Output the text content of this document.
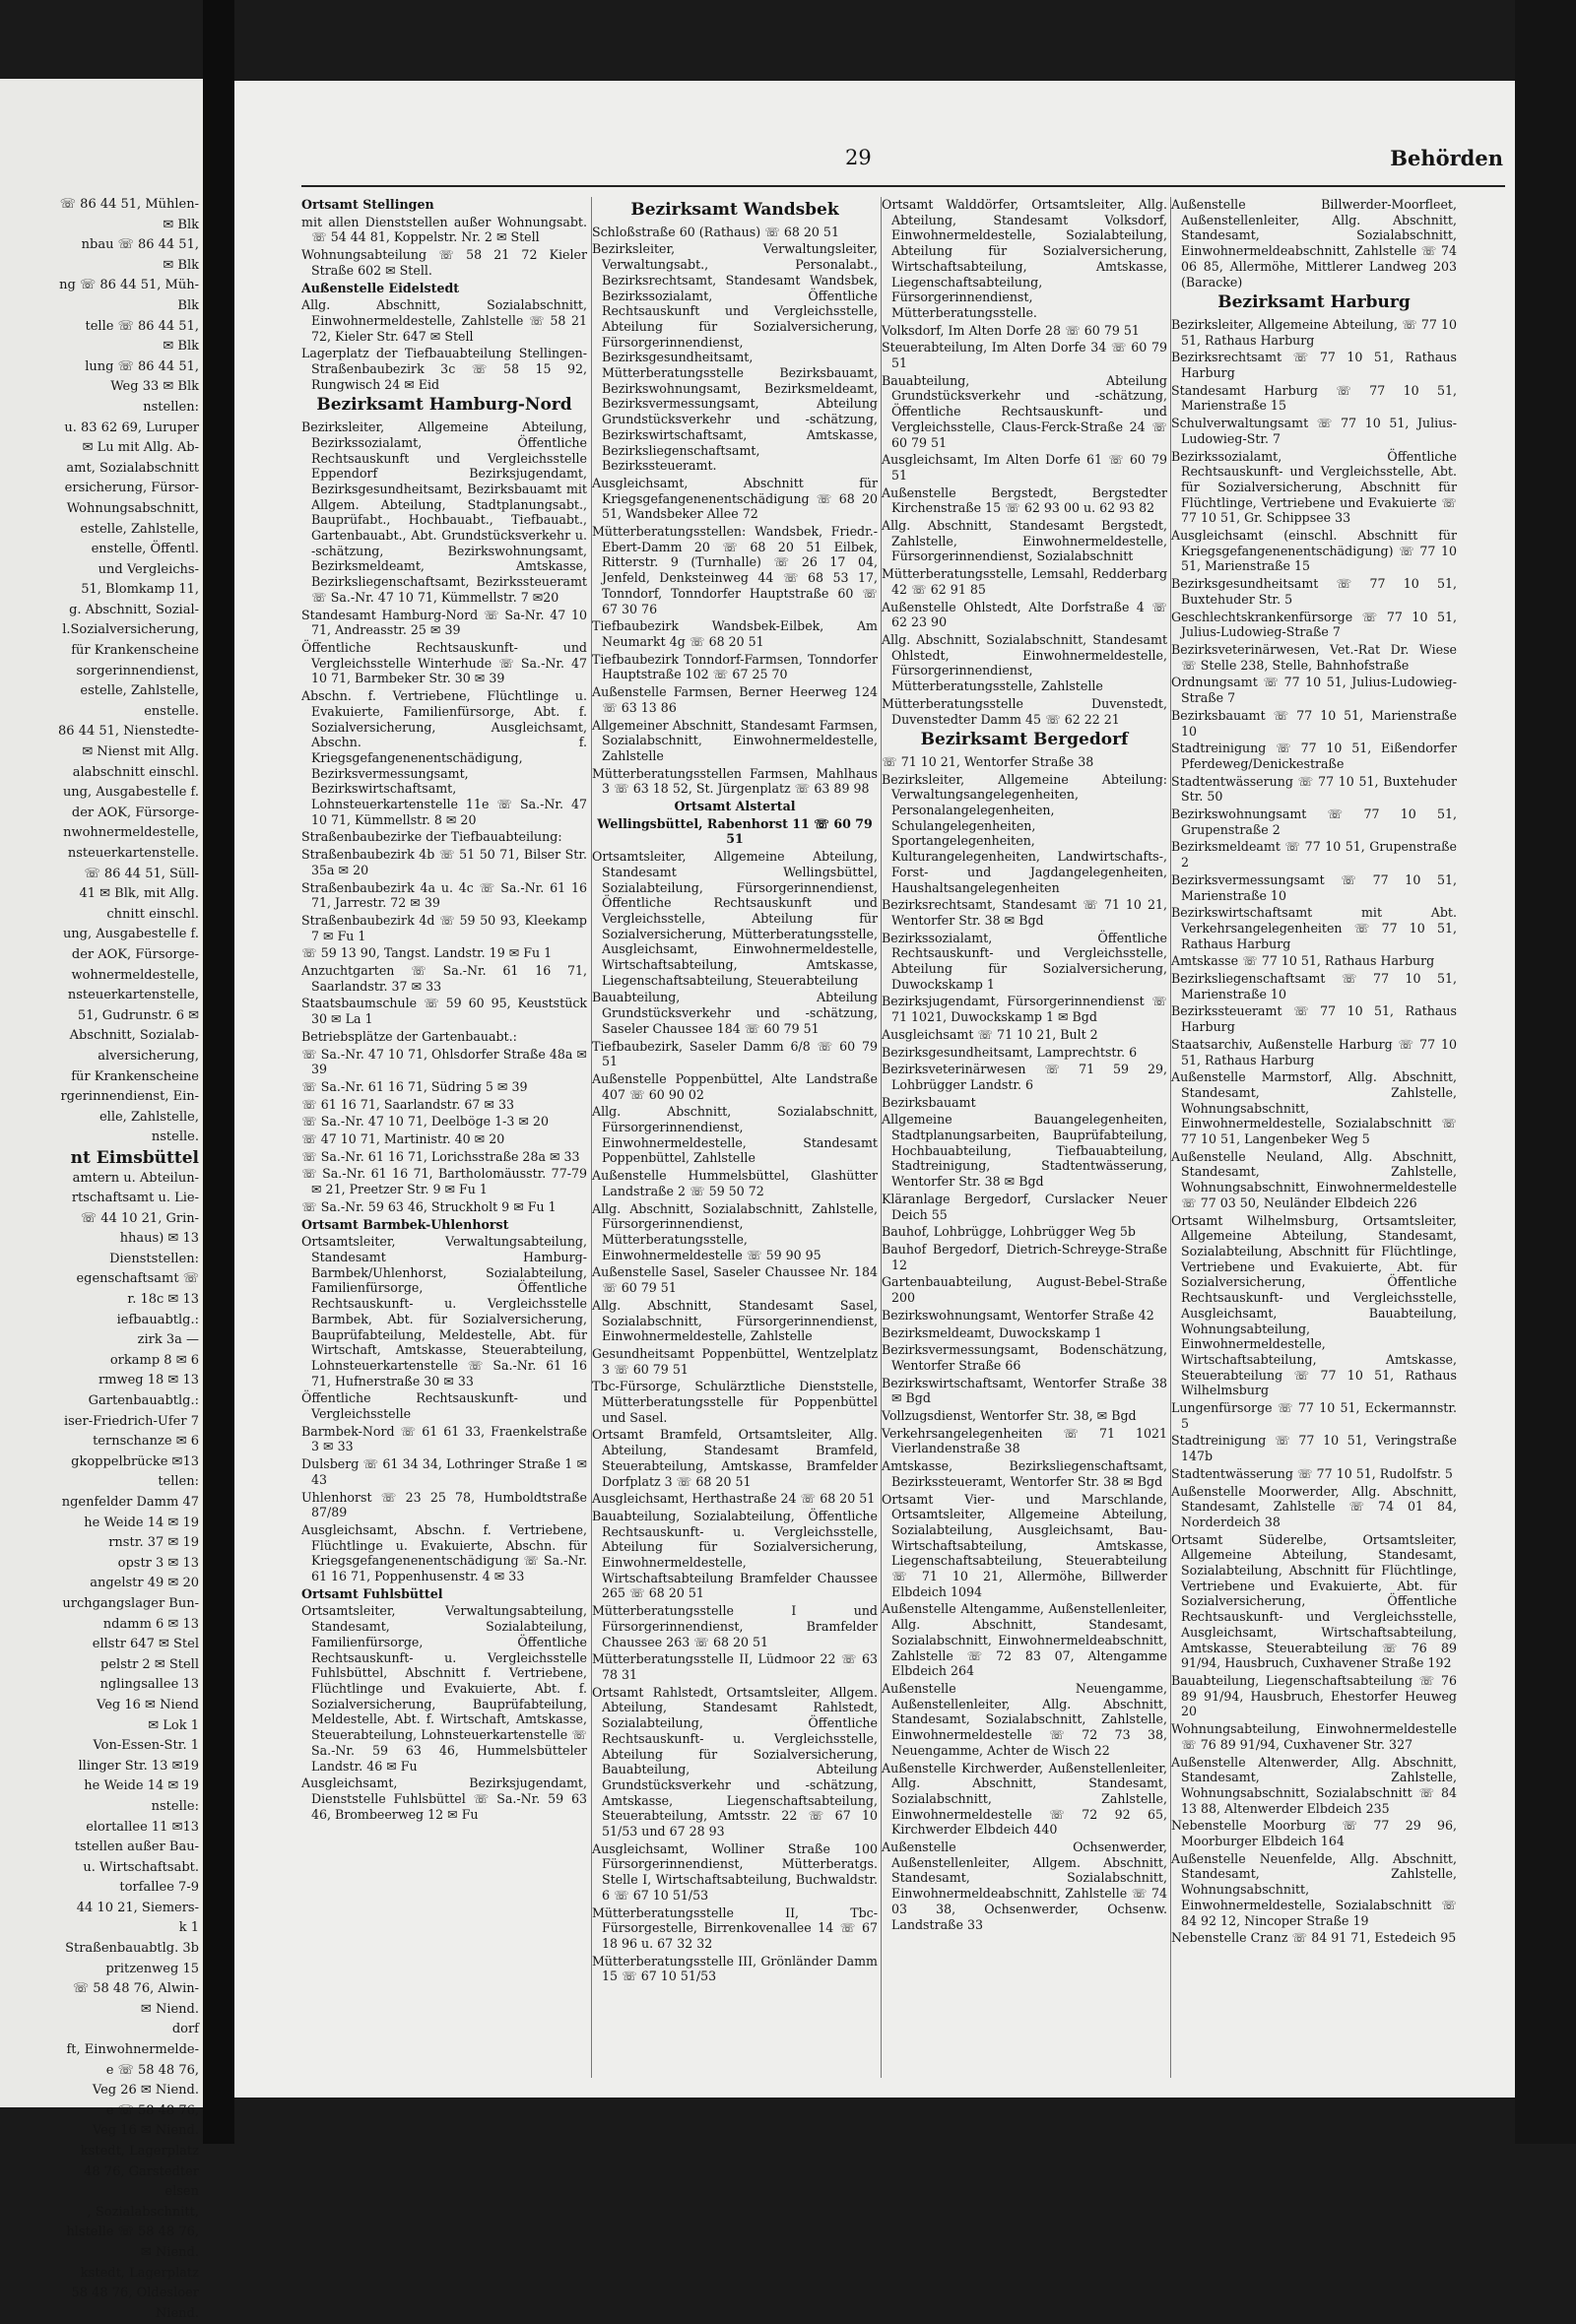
☏ 86 44 51, Mühlen-
✉ Blk
nbau ☏ 86 44 51,
✉ Blk
ng ☏ 86 44 51, Müh-
Blk
telle ☏ 86 44 51,
✉ Blk
lung ☏ 86 44 51,
Weg 33 ✉ Blk
nstellen:
u. 83 62 69, Luruper
✉ Lu mit Allg. Ab-
amt, Sozialabschnitt
ersicherung, Fürsor-
Wohnungsabschnitt,
estelle, Zahlstelle,
enstelle, Öffentl.
und Vergleichs-
51, Blomkamp 11,
g. Abschnitt, Sozial-
l.Sozialversicherung,
für Krankenscheine
sorgerinnendienst,
estelle, Zahlstelle,
enstelle.
86 44 51, Nienstedte-
✉ Nienst mit Allg.
alabschnitt einschl.
ung, Ausgabestelle f.
der AOK, Fürsorge-
nwohnermeldestelle,
nsteuerkartenstelle.
☏ 86 44 51, Süll-
41 ✉ Blk, mit Allg.
chnitt einschl.
ung, Ausgabestelle f.
der AOK, Fürsorge-
wohnermeldestelle,
nsteuerkartenstelle,
51, Gudrunstr. 6 ✉
Abschnitt, Sozialab-
alversicherung,
für Krankenscheine
rgerinnendienst, Ein-
elle, Zahlstelle,
nstelle.
nt Eimsbüttel
amtern u. Abteilun-
rtschaftsamt u. Lie-
☏ 44 10 21, Grin-
hhaus) ✉ 13
Dienststellen:
egenschaftsamt ☏
r. 18c ✉ 13
iefbauabtlg.:
zirk 3a —
orkamp 8 ✉ 6
rmweg 18 ✉ 13
Gartenbauabtlg.:
iser-Friedrich-Ufer 7
ternschanze ✉ 6
gkoppelbrücke ✉13
tellen:
ngenfelder Damm 47
he Weide 14 ✉ 19
rnstr. 37 ✉ 19
opstr 3 ✉ 13
angelstr 49 ✉ 20
urchgangslager Bun-
ndamm 6 ✉ 13
ellstr 647 ✉ Stel
pelstr 2 ✉ Stell
nglingsallee 13
Veg 16 ✉ Niend
✉ Lok 1
Von-Essen-Str. 1
llinger Str. 13 ✉19
he Weide 14 ✉ 19
nstelle:
elortallee 11 ✉13
tstellen außer Bau-
u. Wirtschaftsabt.
torfallee 7-9
44 10 21, Siemers-
k 1
Straßenbauabtlg. 3b
pritzenweg 15
☏ 58 48 76, Alwin-
✉ Niend.
dorf
ft, Einwohnermelde-
e ☏ 58 48 76,
Veg 26 ✉ Niend.
e ☏ 58 48 76,
Veg 16 ✉ Niend.
kstedt, Lagerplatz
48 76, Garstedter
elsen
, Sozialabschnitt,
hlstelle ☏ 58 48 76,
✉ Niend.
kstedt, Lagerplatz
58 48 76, Oldesloer
Niend.
29	Behörden

Ortsamt Stellingen

mit allen Dienststellen außer Wohnungsabt. ☏ 54 44 81, Koppelstr. Nr. 2 ✉ Stell

Wohnungsabteilung ☏ 58 21 72 Kieler Straße 602 ✉ Stell.

Außenstelle Eidelstedt

Allg. Abschnitt, Sozialabschnitt, Einwohnermeldestelle, Zahlstelle ☏ 58 21 72, Kieler Str. 647 ✉ Stell

Lagerplatz der Tiefbauabteilung Stellingen-Straßenbaubezirk 3c ☏ 58 15 92, Rungwisch 24 ✉ Eid

Bezirksamt Hamburg-Nord

Bezirksleiter, Allgemeine Abteilung, Bezirkssozialamt, Öffentliche Rechtsauskunft und Vergleichsstelle Eppendorf Bezirksjugendamt, Bezirksgesundheitsamt, Bezirksbauamt mit Allgem. Abteilung, Stadtplanungsabt., Bauprüfabt., Hochbauabt., Tiefbauabt., Gartenbauabt., Abt. Grundstücksverkehr u. -schätzung, Bezirkswohnungsamt, Bezirksmeldeamt, Amtskasse, Bezirksliegenschaftsamt, Bezirkssteueramt ☏ Sa.-Nr. 47 10 71, Kümmellstr. 7 ✉20

Standesamt Hamburg-Nord ☏ Sa-Nr. 47 10 71, Andreasstr. 25 ✉ 39

Öffentliche Rechtsauskunft- und Vergleichsstelle Winterhude ☏ Sa.-Nr. 47 10 71, Barmbeker Str. 30 ✉ 39

Abschn. f. Vertriebene, Flüchtlinge u. Evakuierte, Familienfürsorge, Abt. f. Sozialversicherung, Ausgleichsamt, Abschn. f. Kriegsgefangenenentschädigung, Bezirksvermessungsamt, Bezirkswirtschaftsamt, Lohnsteuerkartenstelle 11e ☏ Sa.-Nr. 47 10 71, Kümmellstr. 8 ✉ 20

Straßenbaubezirke der Tiefbauabteilung:

Straßenbaubezirk 4b ☏ 51 50 71, Bilser Str. 35a ✉ 20

Straßenbaubezirk 4a u. 4c ☏ Sa.-Nr. 61 16 71, Jarrestr. 72 ✉ 39

Straßenbaubezirk 4d ☏ 59 50 93, Kleekamp 7 ✉ Fu 1

☏ 59 13 90, Tangst. Landstr. 19 ✉ Fu 1

Anzuchtgarten ☏ Sa.-Nr. 61 16 71, Saarlandstr. 37 ✉ 33

Staatsbaumschule ☏ 59 60 95, Keuststück 30 ✉ La 1

Betriebsplätze der Gartenbauabt.:

☏ Sa.-Nr. 47 10 71, Ohlsdorfer Straße 48a ✉ 39

☏ Sa.-Nr. 61 16 71, Südring 5 ✉ 39

☏ 61 16 71, Saarlandstr. 67 ✉ 33

☏ Sa.-Nr. 47 10 71, Deelböge 1-3 ✉ 20

☏ 47 10 71, Martinistr. 40 ✉ 20

☏ Sa.-Nr. 61 16 71, Lorichsstraße 28a ✉ 33

☏ Sa.-Nr. 61 16 71, Bartholomäusstr. 77-79 ✉ 21, Preetzer Str. 9 ✉ Fu 1

☏ Sa.-Nr. 59 63 46, Struckholt 9 ✉ Fu 1

Ortsamt Barmbek-Uhlenhorst

Ortsamtsleiter, Verwaltungsabteilung, Standesamt Hamburg-Barmbek/Uhlenhorst, Sozialabteilung, Familienfürsorge, Öffentliche Rechtsauskunft- u. Vergleichsstelle Barmbek, Abt. für Sozialversicherung, Bauprüfabteilung, Meldestelle, Abt. für Wirtschaft, Amtskasse, Steuerabteilung, Lohnsteuerkartenstelle ☏ Sa.-Nr. 61 16 71, Hufnerstraße 30 ✉ 33

Öffentliche Rechtsauskunft- und Vergleichsstelle

Barmbek-Nord ☏ 61 61 33, Fraenkelstraße 3 ✉ 33

Dulsberg ☏ 61 34 34, Lothringer Straße 1 ✉ 43

Uhlenhorst ☏ 23 25 78, Humboldtstraße 87/89

Ausgleichsamt, Abschn. f. Vertriebene, Flüchtlinge u. Evakuierte, Abschn. für Kriegsgefangenenentschädigung ☏ Sa.-Nr. 61 16 71, Poppenhusenstr. 4 ✉ 33

Ortsamt Fuhlsbüttel

Ortsamtsleiter, Verwaltungsabteilung, Standesamt, Sozialabteilung, Familienfürsorge, Öffentliche Rechtsauskunft- u. Vergleichsstelle Fuhlsbüttel, Abschnitt f. Vertriebene, Flüchtlinge und Evakuierte, Abt. f. Sozialversicherung, Bauprüfabteilung, Meldestelle, Abt. f. Wirtschaft, Amtskasse, Steuerabteilung, Lohnsteuerkartenstelle ☏ Sa.-Nr. 59 63 46, Hummelsbütteler Landstr. 46 ✉ Fu

Ausgleichsamt, Bezirksjugendamt, Dienststelle Fuhlsbüttel ☏ Sa.-Nr. 59 63 46, Brombeerweg 12 ✉ Fu

Bezirksamt Wandsbek

Schloßstraße 60 (Rathaus) ☏ 68 20 51

Bezirksleiter, Verwaltungsleiter, Verwaltungsabt., Personalabt., Bezirksrechtsamt, Standesamt Wandsbek, Bezirkssozialamt, Öffentliche Rechtsauskunft und Vergleichsstelle, Abteilung für Sozialversicherung, Fürsorgerinnendienst, Bezirksgesundheitsamt, Mütterberatungsstelle Bezirksbauamt, Bezirkswohnungsamt, Bezirksmeldeamt, Bezirksvermessungsamt, Abteilung Grundstücksverkehr und -schätzung, Bezirkswirtschaftsamt, Amtskasse, Bezirksliegenschaftsamt, Bezirkssteueramt.

Ausgleichsamt, Abschnitt für Kriegsgefangenenentschädigung ☏ 68 20 51, Wandsbeker Allee 72

Mütterberatungsstellen: Wandsbek, Friedr.-Ebert-Damm 20 ☏ 68 20 51 Eilbek, Ritterstr. 9 (Turnhalle) ☏ 26 17 04, Jenfeld, Denksteinweg 44 ☏ 68 53 17, Tonndorf, Tonndorfer Hauptstraße 60 ☏ 67 30 76

Tiefbaubezirk Wandsbek-Eilbek, Am Neumarkt 4g ☏ 68 20 51

Tiefbaubezirk Tonndorf-Farmsen, Tonndorfer Hauptstraße 102 ☏ 67 25 70

Außenstelle Farmsen, Berner Heerweg 124 ☏ 63 13 86

Allgemeiner Abschnitt, Standesamt Farmsen, Sozialabschnitt, Einwohnermeldestelle, Zahlstelle

Mütterberatungsstellen Farmsen, Mahlhaus 3 ☏ 63 18 52, St. Jürgenplatz ☏ 63 89 98

Ortsamt Alstertal

Wellingsbüttel, Rabenhorst 11 ☏ 60 79 51

Ortsamtsleiter, Allgemeine Abteilung, Standesamt Wellingsbüttel, Sozialabteilung, Fürsorgerinnendienst, Öffentliche Rechtsauskunft und Vergleichsstelle, Abteilung für Sozialversicherung, Mütterberatungsstelle, Ausgleichsamt, Einwohnermeldestelle, Wirtschaftsabteilung, Amtskasse, Liegenschaftsabteilung, Steuerabteilung

Bauabteilung, Abteilung Grundstücksverkehr und -schätzung, Saseler Chaussee 184 ☏ 60 79 51

Tiefbaubezirk, Saseler Damm 6/8 ☏ 60 79 51

Außenstelle Poppenbüttel, Alte Landstraße 407 ☏ 60 90 02

Allg. Abschnitt, Sozialabschnitt, Fürsorgerinnendienst, Einwohnermeldestelle, Standesamt Poppenbüttel, Zahlstelle

Außenstelle Hummelsbüttel, Glashütter Landstraße 2 ☏ 59 50 72

Allg. Abschnitt, Sozialabschnitt, Zahlstelle, Fürsorgerinnendienst, Mütterberatungsstelle, Einwohnermeldestelle ☏ 59 90 95

Außenstelle Sasel, Saseler Chaussee Nr. 184 ☏ 60 79 51

Allg. Abschnitt, Standesamt Sasel, Sozialabschnitt, Fürsorgerinnendienst, Einwohnermeldestelle, Zahlstelle

Gesundheitsamt Poppenbüttel, Wentzelplatz 3 ☏ 60 79 51

Tbc-Fürsorge, Schulärztliche Dienststelle, Mütterberatungsstelle für Poppenbüttel und Sasel.

Ortsamt Bramfeld, Ortsamtsleiter, Allg. Abteilung, Standesamt Bramfeld, Steuerabteilung, Amtskasse, Bramfelder Dorfplatz 3 ☏ 68 20 51

Ausgleichsamt, Herthastraße 24 ☏ 68 20 51

Bauabteilung, Sozialabteilung, Öffentliche Rechtsauskunft- u. Vergleichsstelle, Abteilung für Sozialversicherung, Einwohnermeldestelle, Wirtschaftsabteilung Bramfelder Chaussee 265 ☏ 68 20 51

Mütterberatungsstelle I und Fürsorgerinnendienst, Bramfelder Chaussee 263 ☏ 68 20 51

Mütterberatungsstelle II, Lüdmoor 22 ☏ 63 78 31

Ortsamt Rahlstedt, Ortsamtsleiter, Allgem. Abteilung, Standesamt Rahlstedt, Sozialabteilung, Öffentliche Rechtsauskunft- u. Vergleichsstelle, Abteilung für Sozialversicherung, Bauabteilung, Abteilung Grundstücksverkehr und -schätzung, Amtskasse, Liegenschaftsabteilung, Steuerabteilung, Amtsstr. 22 ☏ 67 10 51/53 und 67 28 93

Ausgleichsamt, Wolliner Straße 100 Fürsorgerinnendienst, Mütterberatgs. Stelle I, Wirtschaftsabteilung, Buchwaldstr. 6 ☏ 67 10 51/53

Mütterberatungsstelle II, Tbc-Fürsorgestelle, Birrenkovenallee 14 ☏ 67 18 96 u. 67 32 32

Mütterberatungsstelle III, Grönländer Damm 15 ☏ 67 10 51/53

Ortsamt Walddörfer, Ortsamtsleiter, Allg. Abteilung, Standesamt Volksdorf, Einwohnermeldestelle, Sozialabteilung, Abteilung für Sozialversicherung, Wirtschaftsabteilung, Amtskasse, Liegenschaftsabteilung, Fürsorgerinnendienst, Mütterberatungsstelle.

Volksdorf, Im Alten Dorfe 28 ☏ 60 79 51

Steuerabteilung, Im Alten Dorfe 34 ☏ 60 79 51

Bauabteilung, Abteilung Grundstücksverkehr und -schätzung, Öffentliche Rechtsauskunft- und Vergleichsstelle, Claus-Ferck-Straße 24 ☏ 60 79 51

Ausgleichsamt, Im Alten Dorfe 61 ☏ 60 79 51

Außenstelle Bergstedt, Bergstedter Kirchenstraße 15 ☏ 62 93 00 u. 62 93 82

Allg. Abschnitt, Standesamt Bergstedt, Zahlstelle, Einwohnermeldestelle, Fürsorgerinnendienst, Sozialabschnitt

Mütterberatungsstelle, Lemsahl, Redderbarg 42 ☏ 62 91 85

Außenstelle Ohlstedt, Alte Dorfstraße 4 ☏ 62 23 90

Allg. Abschnitt, Sozialabschnitt, Standesamt Ohlstedt, Einwohnermeldestelle, Fürsorgerinnendienst, Mütterberatungsstelle, Zahlstelle

Mütterberatungsstelle Duvenstedt, Duvenstedter Damm 45 ☏ 62 22 21

Bezirksamt Bergedorf

☏ 71 10 21, Wentorfer Straße 38

Bezirksleiter, Allgemeine Abteilung: Verwaltungsangelegenheiten, Personalangelegenheiten, Schulangelegenheiten, Sportangelegenheiten, Kulturangelegenheiten, Landwirtschafts-, Forst- und Jagdangelegenheiten, Haushaltsangelegenheiten

Bezirksrechtsamt, Standesamt ☏ 71 10 21, Wentorfer Str. 38 ✉ Bgd

Bezirkssozialamt, Öffentliche Rechtsauskunft- und Vergleichsstelle, Abteilung für Sozialversicherung, Duwockskamp 1

Bezirksjugendamt, Fürsorgerinnendienst ☏ 71 1021, Duwockskamp 1 ✉ Bgd

Ausgleichsamt ☏ 71 10 21, Bult 2

Bezirksgesundheitsamt, Lamprechtstr. 6

Bezirksveterinärwesen ☏ 71 59 29, Lohbrügger Landstr. 6

Bezirksbauamt

Allgemeine Bauangelegenheiten, Stadtplanungsarbeiten, Bauprüfabteilung, Hochbauabteilung, Tiefbauabteilung, Stadtreinigung, Stadtentwässerung, Wentorfer Str. 38 ✉ Bgd

Kläranlage Bergedorf, Curslacker Neuer Deich 55

Bauhof, Lohbrügge, Lohbrügger Weg 5b

Bauhof Bergedorf, Dietrich-Schreyge-Straße 12

Gartenbauabteilung, August-Bebel-Straße 200

Bezirkswohnungsamt, Wentorfer Straße 42

Bezirksmeldeamt, Duwockskamp 1

Bezirksvermessungsamt, Bodenschätzung, Wentorfer Straße 66

Bezirkswirtschaftsamt, Wentorfer Straße 38 ✉ Bgd

Vollzugsdienst, Wentorfer Str. 38, ✉ Bgd

Verkehrsangelegenheiten ☏ 71 1021 Vierlandenstraße 38

Amtskasse, Bezirksliegenschaftsamt, Bezirkssteueramt, Wentorfer Str. 38 ✉ Bgd

Ortsamt Vier- und Marschlande, Ortsamtsleiter, Allgemeine Abteilung, Sozialabteilung, Ausgleichsamt, Bau-Wirtschaftsabteilung, Amtskasse, Liegenschaftsabteilung, Steuerabteilung ☏ 71 10 21, Allermöhe, Billwerder Elbdeich 1094

Außenstelle Altengamme, Außenstellenleiter, Allg. Abschnitt, Standesamt, Sozialabschnitt, Einwohnermeldeabschnitt, Zahlstelle ☏ 72 83 07, Altengamme Elbdeich 264

Außenstelle Neuengamme, Außenstellenleiter, Allg. Abschnitt, Standesamt, Sozialabschnitt, Zahlstelle, Einwohnermeldestelle ☏ 72 73 38, Neuengamme, Achter de Wisch 22

Außenstelle Kirchwerder, Außenstellenleiter, Allg. Abschnitt, Standesamt, Sozialabschnitt, Zahlstelle, Einwohnermeldestelle ☏ 72 92 65, Kirchwerder Elbdeich 440

Außenstelle Ochsenwerder, Außenstellenleiter, Allgem. Abschnitt, Standesamt, Sozialabschnitt, Einwohnermeldeabschnitt, Zahlstelle ☏ 74 03 38, Ochsenwerder, Ochsenw. Landstraße 33

Außenstelle Billwerder-Moorfleet, Außenstellenleiter, Allg. Abschnitt, Standesamt, Sozialabschnitt, Einwohnermeldeabschnitt, Zahlstelle ☏ 74 06 85, Allermöhe, Mittlerer Landweg 203 (Baracke)

Bezirksamt Harburg

Bezirksleiter, Allgemeine Abteilung, ☏ 77 10 51, Rathaus Harburg

Bezirksrechtsamt ☏ 77 10 51, Rathaus Harburg

Standesamt Harburg ☏ 77 10 51, Marienstraße 15

Schulverwaltungsamt ☏ 77 10 51, Julius-Ludowieg-Str. 7

Bezirkssozialamt, Öffentliche Rechtsauskunft- und Vergleichsstelle, Abt. für Sozialversicherung, Abschnitt für Flüchtlinge, Vertriebene und Evakuierte ☏ 77 10 51, Gr. Schippsee 33

Ausgleichsamt (einschl. Abschnitt für Kriegsgefangenenentschädigung) ☏ 77 10 51, Marienstraße 15

Bezirksgesundheitsamt ☏ 77 10 51, Buxtehuder Str. 5

Geschlechtskrankenfürsorge ☏ 77 10 51, Julius-Ludowieg-Straße 7

Bezirksveterinärwesen, Vet.-Rat Dr. Wiese ☏ Stelle 238, Stelle, Bahnhofstraße

Ordnungsamt ☏ 77 10 51, Julius-Ludowieg-Straße 7

Bezirksbauamt ☏ 77 10 51, Marienstraße 10

Stadtreinigung ☏ 77 10 51, Eißendorfer Pferdeweg/Denickestraße

Stadtentwässerung ☏ 77 10 51, Buxtehuder Str. 50

Bezirkswohnungsamt ☏ 77 10 51, Grupenstraße 2

Bezirksmeldeamt ☏ 77 10 51, Grupenstraße 2

Bezirksvermessungsamt ☏ 77 10 51, Marienstraße 10

Bezirkswirtschaftsamt mit Abt. Verkehrsangelegenheiten ☏ 77 10 51, Rathaus Harburg

Amtskasse ☏ 77 10 51, Rathaus Harburg

Bezirksliegenschaftsamt ☏ 77 10 51, Marienstraße 10

Bezirkssteueramt ☏ 77 10 51, Rathaus Harburg

Staatsarchiv, Außenstelle Harburg ☏ 77 10 51, Rathaus Harburg

Außenstelle Marmstorf, Allg. Abschnitt, Standesamt, Zahlstelle, Wohnungsabschnitt, Einwohnermeldestelle, Sozialabschnitt ☏ 77 10 51, Langenbeker Weg 5

Außenstelle Neuland, Allg. Abschnitt, Standesamt, Zahlstelle, Wohnungsabschnitt, Einwohnermeldestelle ☏ 77 03 50, Neuländer Elbdeich 226

Ortsamt Wilhelmsburg, Ortsamtsleiter, Allgemeine Abteilung, Standesamt, Sozialabteilung, Abschnitt für Flüchtlinge, Vertriebene und Evakuierte, Abt. für Sozialversicherung, Öffentliche Rechtsauskunft- und Vergleichsstelle, Ausgleichsamt, Bauabteilung, Wohnungsabteilung, Einwohnermeldestelle, Wirtschaftsabteilung, Amtskasse, Steuerabteilung ☏ 77 10 51, Rathaus Wilhelmsburg

Lungenfürsorge ☏ 77 10 51, Eckermannstr. 5

Stadtreinigung ☏ 77 10 51, Veringstraße 147b

Stadtentwässerung ☏ 77 10 51, Rudolfstr. 5

Außenstelle Moorwerder, Allg. Abschnitt, Standesamt, Zahlstelle ☏ 74 01 84, Norderdeich 38

Ortsamt Süderelbe, Ortsamtsleiter, Allgemeine Abteilung, Standesamt, Sozialabteilung, Abschnitt für Flüchtlinge, Vertriebene und Evakuierte, Abt. für Sozialversicherung, Öffentliche Rechtsauskunft- und Vergleichsstelle, Ausgleichsamt, Wirtschaftsabteilung, Amtskasse, Steuerabteilung ☏ 76 89 91/94, Hausbruch, Cuxhavener Straße 192

Bauabteilung, Liegenschaftsabteilung ☏ 76 89 91/94, Hausbruch, Ehestorfer Heuweg 20

Wohnungsabteilung, Einwohnermeldestelle ☏ 76 89 91/94, Cuxhavener Str. 327

Außenstelle Altenwerder, Allg. Abschnitt, Standesamt, Zahlstelle, Wohnungsabschnitt, Sozialabschnitt ☏ 84 13 88, Altenwerder Elbdeich 235

Nebenstelle Moorburg ☏ 77 29 96, Moorburger Elbdeich 164

Außenstelle Neuenfelde, Allg. Abschnitt, Standesamt, Zahlstelle, Wohnungsabschnitt, Einwohnermeldestelle, Sozialabschnitt ☏ 84 92 12, Nincoper Straße 19

Nebenstelle Cranz ☏ 84 91 71, Estedeich 95
